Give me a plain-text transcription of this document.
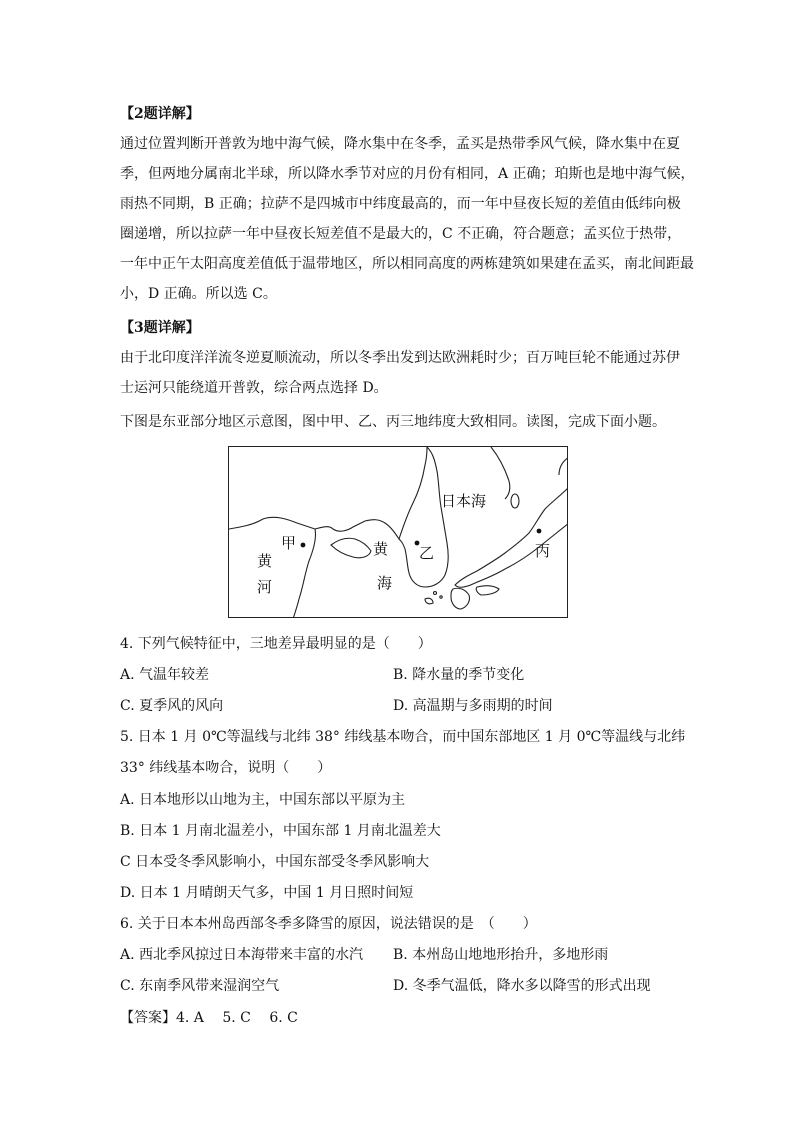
【2题详解】
通过位置判断开普敦为地中海气候，降水集中在冬季，孟买是热带季风气候，降水集中在夏
季，但两地分属南北半球，所以降水季节对应的月份有相同，A 正确；珀斯也是地中海气候，
雨热不同期，B 正确；拉萨不是四城市中纬度最高的，而一年中昼夜长短的差值由低纬向极
圈递增，所以拉萨一年中昼夜长短差值不是最大的，C 不正确，符合题意；孟买位于热带，
一年中正午太阳高度差值低于温带地区，所以相同高度的两栋建筑如果建在孟买，南北间距最
小，D 正确。所以选 C。
【3题详解】
由于北印度洋洋流冬逆夏顺流动，所以冬季出发到达欧洲耗时少；百万吨巨轮不能通过苏伊
士运河只能绕道开普敦，综合两点选择 D。
下图是东亚部分地区示意图，图中甲、乙、丙三地纬度大致相同。读图，完成下面小题。
甲
乙	丙
黄
河
黄
海
日本海
4. 下列气候特征中，三地差异最明显的是（　　）
A. 气温年较差	B. 降水量的季节变化
C. 夏季风的风向	D. 高温期与多雨期的时间
5. 日本 1 月 0℃等温线与北纬 38° 纬线基本吻合，而中国东部地区 1 月 0℃等温线与北纬
33° 纬线基本吻合，说明（　　）
A. 日本地形以山地为主，中国东部以平原为主
B. 日本 1 月南北温差小，中国东部 1 月南北温差大
C 日本受冬季风影响小，中国东部受冬季风影响大
D. 日本 1 月晴朗天气多，中国 1 月日照时间短
6. 关于日本本州岛西部冬季多降雪的原因，说法错误的是　（　　）
A. 西北季风掠过日本海带来丰富的水汽 B. 本州岛山地地形抬升，多地形雨
C. 东南季风带来湿润空气	D. 冬季气温低，降水多以降雪的形式出现
【答案】4. A　 5. C　 6. C
